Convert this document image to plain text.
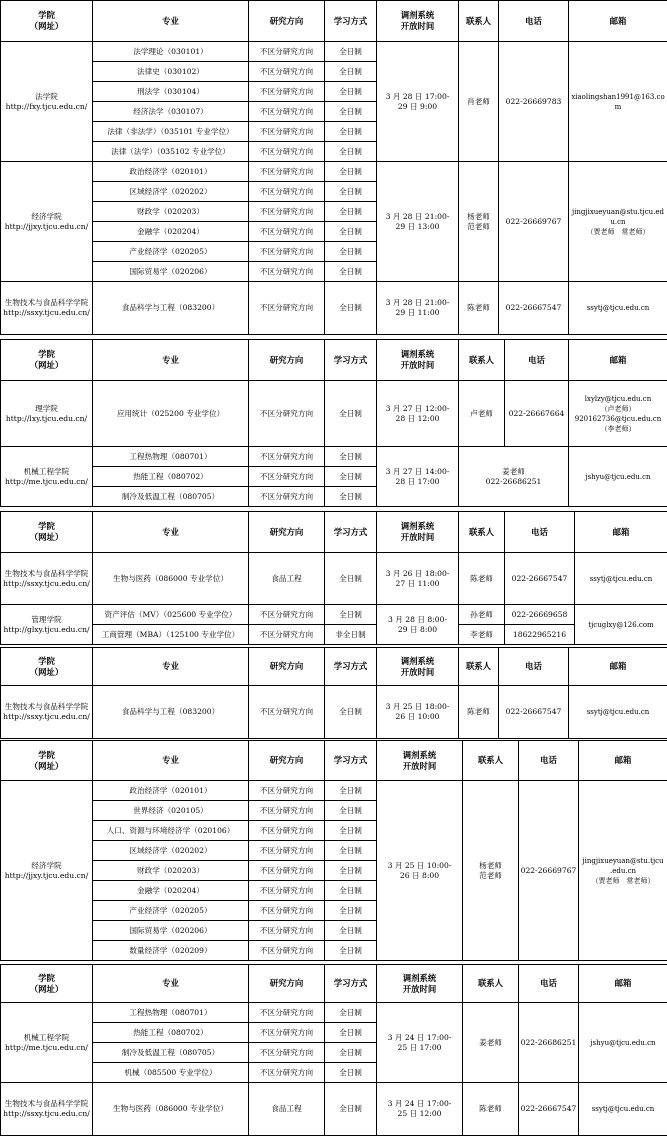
学院
（网址）	专业	研究方向	学习方式	调剂系统
开放时间	联系人	电话	邮箱

法学院
http://fxy.tjcu.edu.cn/	法学理论（030101）	不区分研究方向	全日制	3 月 28 日 17:00-
29 日 9:00	肖老师	022-26669783	xiaolingshan1991@163.com
	法律史（030102）	不区分研究方向	全日制				
	刑法学（030104）	不区分研究方向	全日制				
	经济法学（030107）	不区分研究方向	全日制				
	法律（非法学）（035101 专业学位）	不区分研究方向	全日制				
	法律（法学）（035102 专业学位）	不区分研究方向	全日制				

经济学院
http://jjxy.tjcu.edu.cn/	政治经济学（020101）	不区分研究方向	全日制	3 月 28 日 21:00-
29 日 13:00	杨老师
范老师	022-26669767	jingjixueyuan@stu.tjcu.edu.cn
（贾老师　常老师）

	区域经济学（020202）	不区分研究方向	全日制				
	财政学（020203）	不区分研究方向	全日制				
	金融学（020204）	不区分研究方向	全日制				
	产业经济学（020205）	不区分研究方向	全日制				
	国际贸易学（020206）	不区分研究方向	全日制				

生物技术与食品科学学院
http://ssxy.tjcu.edu.cn/	食品科学与工程（083200）	不区分研究方向	全日制	3 月 28 日 21:00-
29 日 11:00	陈老师	022-26667547	ssytj@tjcu.edu.cn
学院
（网址）	专业	研究方向	学习方式	调剂系统
开放时间	联系人	电话	邮箱

理学院
http://lxy.tjcu.edu.cn/	应用统计（025200 专业学位）	不区分研究方向	全日制	3 月 27 日 12:00-
28 日 12:00	卢老师	022-26667664	lxylzy@tjcu.edu.cn
（卢老师）
920162736@tjcu.edu.cn
（李老师）

机械工程学院
http://me.tjcu.edu.cn/	工程热物理（080701）	不区分研究方向	全日制	3 月 27 日 14:00-
28 日 17:00	姜老师
022-26686251		jshyu@tjcu.edu.cn
	热能工程（080702）	不区分研究方向	全日制				
	制冷及低温工程（080705）	不区分研究方向	全日制				
学院
（网址）	专业	研究方向	学习方式	调剂系统
开放时间	联系人	电话	邮箱

生物技术与食品科学学院
http://ssxy.tjcu.edu.cn/	生物与医药（086000 专业学位）	食品工程	全日制	3 月 26 日 18:00-
27 日 11:00	陈老师	022-26667547	ssytj@tjcu.edu.cn

管理学院
http://glxy.tjcu.edu.cn/	资产评估（MV）（025600 专业学位）	不区分研究方向	全日制	3 月 28 日 8:00-
29 日 8:00	孙老师	022-26669658	tjcuglxy@126.com
	工商管理（MBA）（125100 专业学位）	不区分研究方向	非全日制		李老师	18622965216	
学院
（网址）	专业	研究方向	学习方式	调剂系统
开放时间	联系人	电话	邮箱

生物技术与食品科学学院
http://ssxy.tjcu.edu.cn/	食品科学与工程（083200）	不区分研究方向	全日制	3 月 25 日 18:00-
26 日 10:00	陈老师	022-26667547	ssytj@tjcu.edu.cn
学院
（网址）	专业	研究方向	学习方式	调剂系统
开放时间	联系人	电话	邮箱

经济学院
http://jjxy.tjcu.edu.cn/	政治经济学（020101）	不区分研究方向	全日制	3 月 25 日 10:00-
26 日 8:00	杨老师
范老师	022-26669767	jingjixueyuan@stu.tjcu
.edu.cn
（贾老师　常老师）

	世界经济（020105）	不区分研究方向	全日制				
	人口、资源与环境经济学（020106）	不区分研究方向	全日制				
	区域经济学（020202）	不区分研究方向	全日制				
	财政学（020203）	不区分研究方向	全日制				
	金融学（020204）	不区分研究方向	全日制				
	产业经济学（020205）	不区分研究方向	全日制				
	国际贸易学（020206）	不区分研究方向	全日制				
	数量经济学（020209）	不区分研究方向	全日制				
学院
（网址）	专业	研究方向	学习方式	调剂系统
开放时间	联系人	电话	邮箱

机械工程学院
http://me.tjcu.edu.cn/	工程热物理（080701）	不区分研究方向	全日制	3 月 24 日 17:00-
25 日 17:00	姜老师	022-26686251	jshyu@tjcu.edu.cn
	热能工程（080702）	不区分研究方向	全日制				
	制冷及低温工程（080705）	不区分研究方向	全日制				
	机械（085500 专业学位）	不区分研究方向	全日制				

生物技术与食品科学学院
http://ssxy.tjcu.edu.cn/	生物与医药（086000 专业学位）	食品工程	全日制	3 月 24 日 17:00-
25 日 12:00	陈老师	022-26667547	ssytj@tjcu.edu.cn
